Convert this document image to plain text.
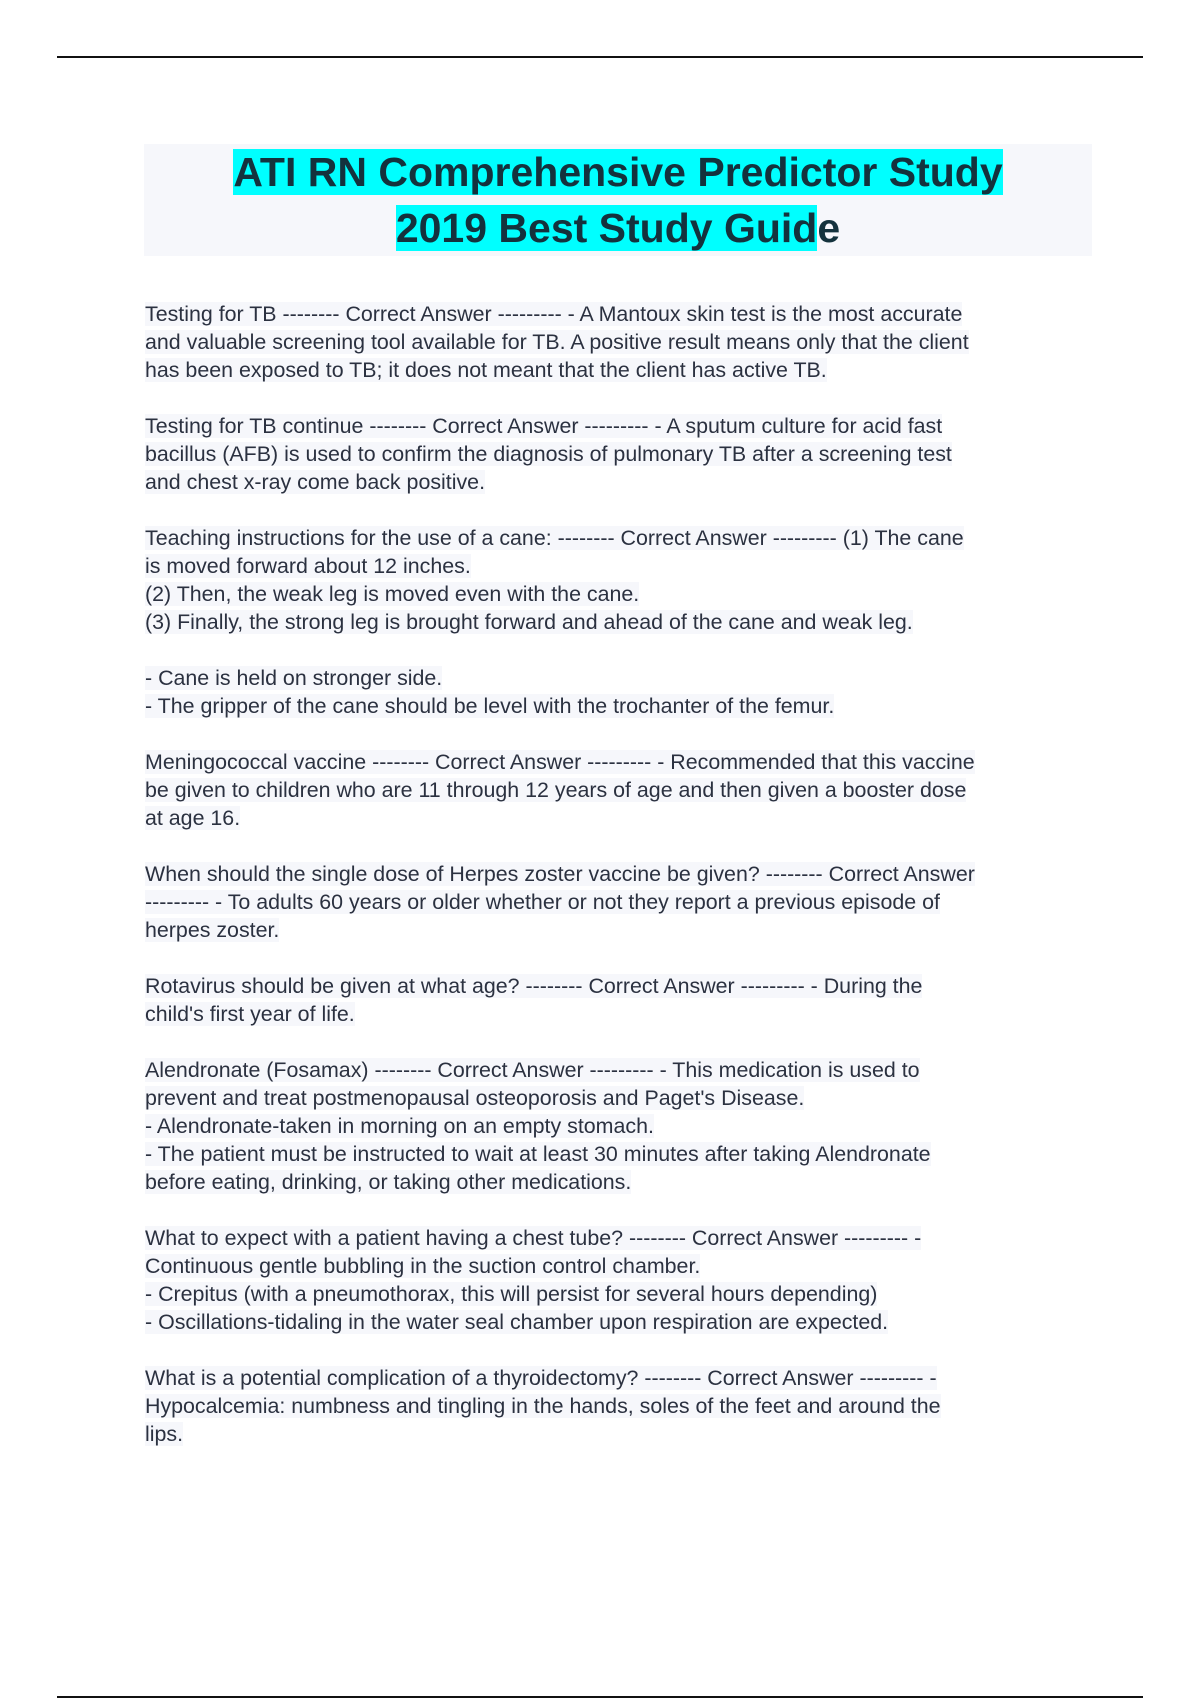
ATI RN Comprehensive Predictor Study
2019 Best Study Guide
Testing for TB -------- Correct Answer --------- - A Mantoux skin test is the most accurate
and valuable screening tool available for TB. A positive result means only that the client
has been exposed to TB; it does not meant that the client has active TB.
Testing for TB continue -------- Correct Answer --------- - A sputum culture for acid fast
bacillus (AFB) is used to confirm the diagnosis of pulmonary TB after a screening test
and chest x-ray come back positive.
Teaching instructions for the use of a cane: -------- Correct Answer --------- (1) The cane
is moved forward about 12 inches.
(2) Then, the weak leg is moved even with the cane.
(3) Finally, the strong leg is brought forward and ahead of the cane and weak leg.
- Cane is held on stronger side.
- The gripper of the cane should be level with the trochanter of the femur.
Meningococcal vaccine -------- Correct Answer --------- - Recommended that this vaccine
be given to children who are 11 through 12 years of age and then given a booster dose
at age 16.
When should the single dose of Herpes zoster vaccine be given? -------- Correct Answer
--------- - To adults 60 years or older whether or not they report a previous episode of
herpes zoster.
Rotavirus should be given at what age? -------- Correct Answer --------- - During the
child's first year of life.
Alendronate (Fosamax) -------- Correct Answer --------- - This medication is used to
prevent and treat postmenopausal osteoporosis and Paget's Disease.
- Alendronate-taken in morning on an empty stomach.
- The patient must be instructed to wait at least 30 minutes after taking Alendronate
before eating, drinking, or taking other medications.
What to expect with a patient having a chest tube? -------- Correct Answer --------- -
Continuous gentle bubbling in the suction control chamber.
- Crepitus (with a pneumothorax, this will persist for several hours depending)
- Oscillations-tidaling in the water seal chamber upon respiration are expected.
What is a potential complication of a thyroidectomy? -------- Correct Answer --------- -
Hypocalcemia: numbness and tingling in the hands, soles of the feet and around the
lips.
